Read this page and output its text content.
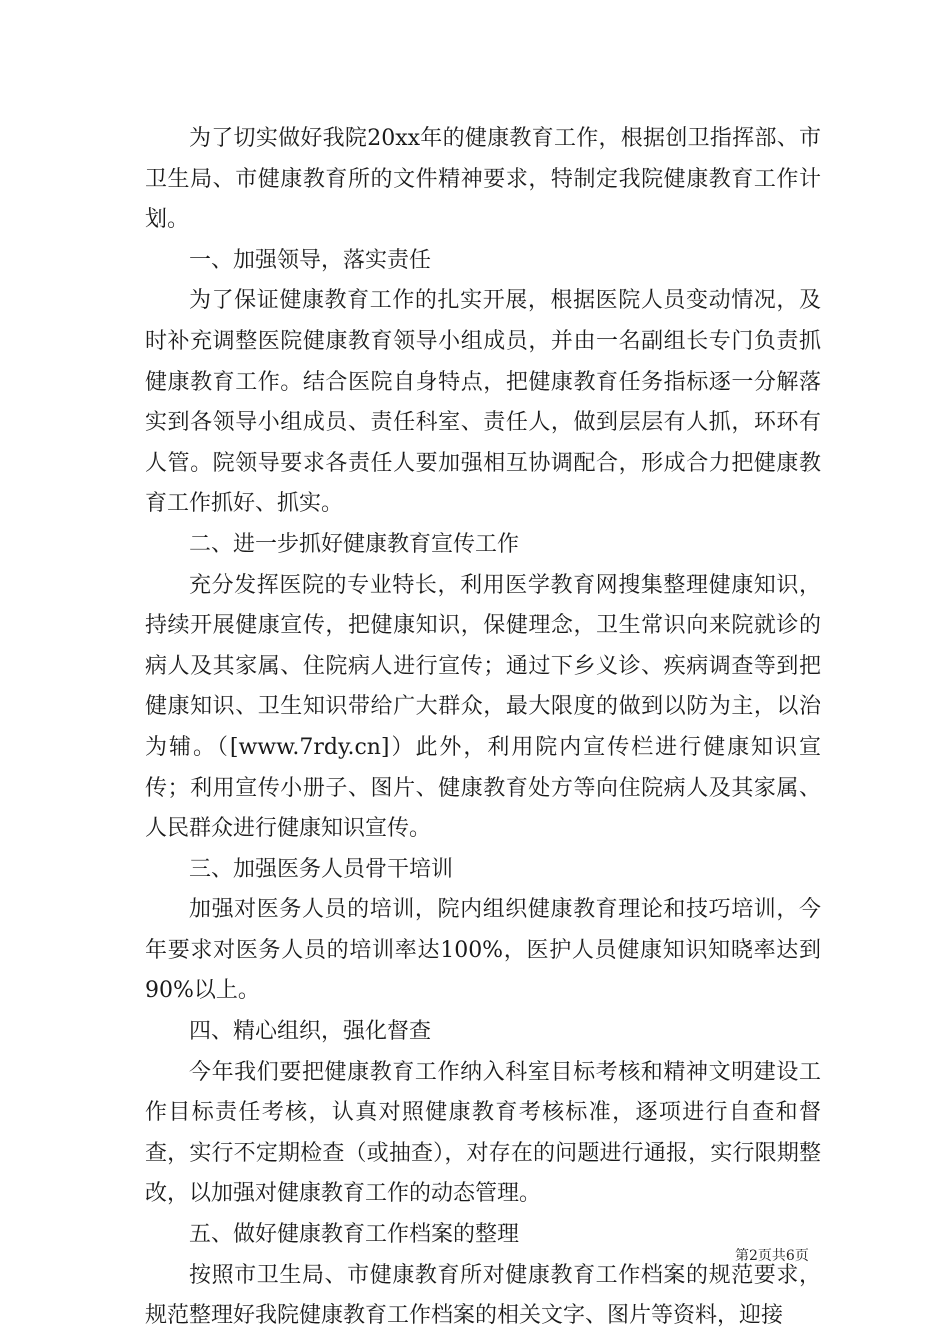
为了切实做好我院20xx年的健康教育工作，根据创卫指挥部、市卫生局、市健康教育所的文件精神要求，特制定我院健康教育工作计划。

一、加强领导，落实责任

为了保证健康教育工作的扎实开展，根据医院人员变动情况，及时补充调整医院健康教育领导小组成员，并由一名副组长专门负责抓健康教育工作。结合医院自身特点，把健康教育任务指标逐一分解落实到各领导小组成员、责任科室、责任人，做到层层有人抓，环环有人管。院领导要求各责任人要加强相互协调配合，形成合力把健康教育工作抓好、抓实。

二、进一步抓好健康教育宣传工作

充分发挥医院的专业特长，利用医学教育网搜集整理健康知识，持续开展健康宣传，把健康知识，保健理念，卫生常识向来院就诊的病人及其家属、住院病人进行宣传；通过下乡义诊、疾病调查等到把健康知识、卫生知识带给广大群众，最大限度的做到以防为主，以治为辅。（[www.7rdy.cn]）此外，利用院内宣传栏进行健康知识宣传；利用宣传小册子、图片、健康教育处方等向住院病人及其家属、人民群众进行健康知识宣传。

三、加强医务人员骨干培训

加强对医务人员的培训，院内组织健康教育理论和技巧培训，今年要求对医务人员的培训率达100%，医护人员健康知识知晓率达到90%以上。

四、精心组织，强化督查

今年我们要把健康教育工作纳入科室目标考核和精神文明建设工作目标责任考核，认真对照健康教育考核标准，逐项进行自查和督查，实行不定期检查（或抽查），对存在的问题进行通报，实行限期整改，以加强对健康教育工作的动态管理。

五、做好健康教育工作档案的整理

按照市卫生局、市健康教育所对健康教育工作档案的规范要求，规范整理好我院健康教育工作档案的相关文字、图片等资料，迎接

第2页共6页
